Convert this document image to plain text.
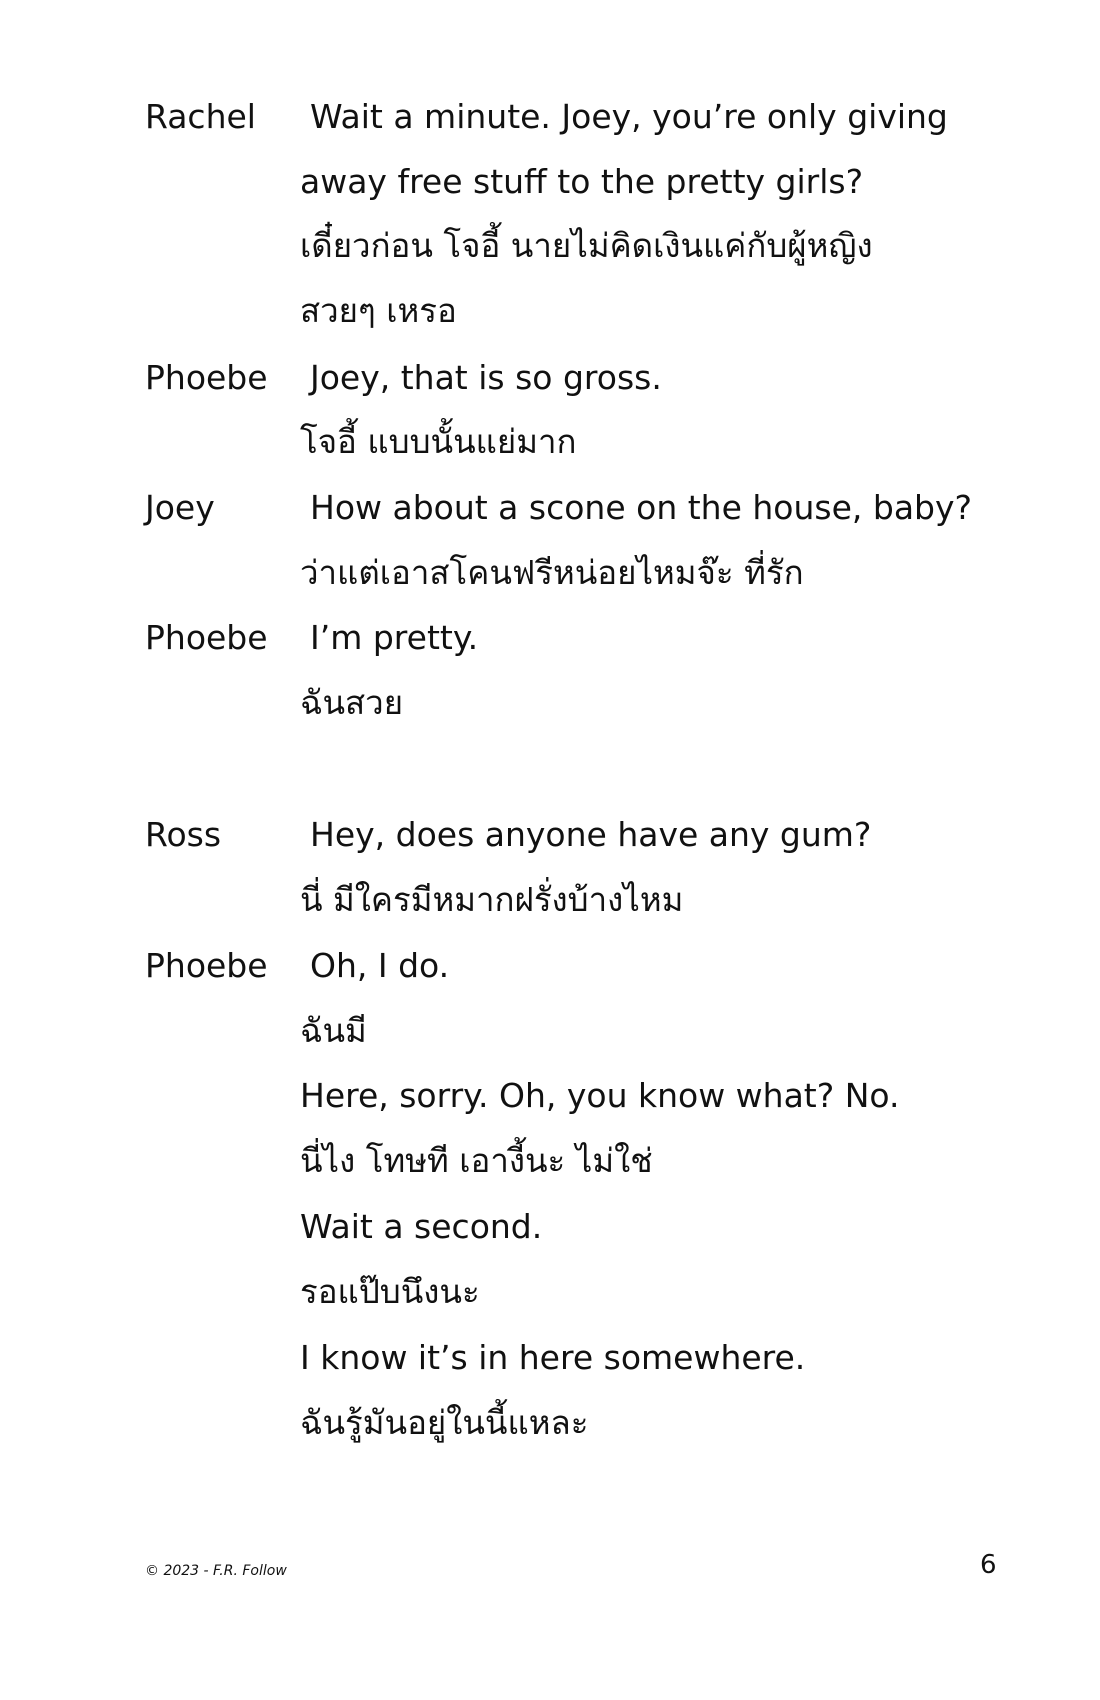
Rachel Wait a minute. Joey, you’re only giving
away free stuff to the pretty girls?
เดี๋ยวก่อน โจอี้ นายไม่คิดเงินแค่กับผู้หญิง
สวยๆ เหรอ
Phoebe Joey, that is so gross.
โจอี้ แบบนั้นแย่มาก
Joey	How about a scone on the house, baby?
ว่าแต่เอาสโคนฟรีหน่อยไหมจ๊ะ ที่รัก
Phoebe I’m pretty.
ฉันสวย
Ross	Hey, does anyone have any gum?
นี่ มีใครมีหมากฝรั่งบ้างไหม
Phoebe Oh, I do.
ฉันมี
Here, sorry. Oh, you know what? No.
นี่ไง โทษที เอางี้นะ ไม่ใช่
Wait a second.
รอแป๊บนึงนะ
I know it’s in here somewhere.
ฉันรู้มันอยู่ในนี้แหละ
© 2023 - F.R. Follow	6
